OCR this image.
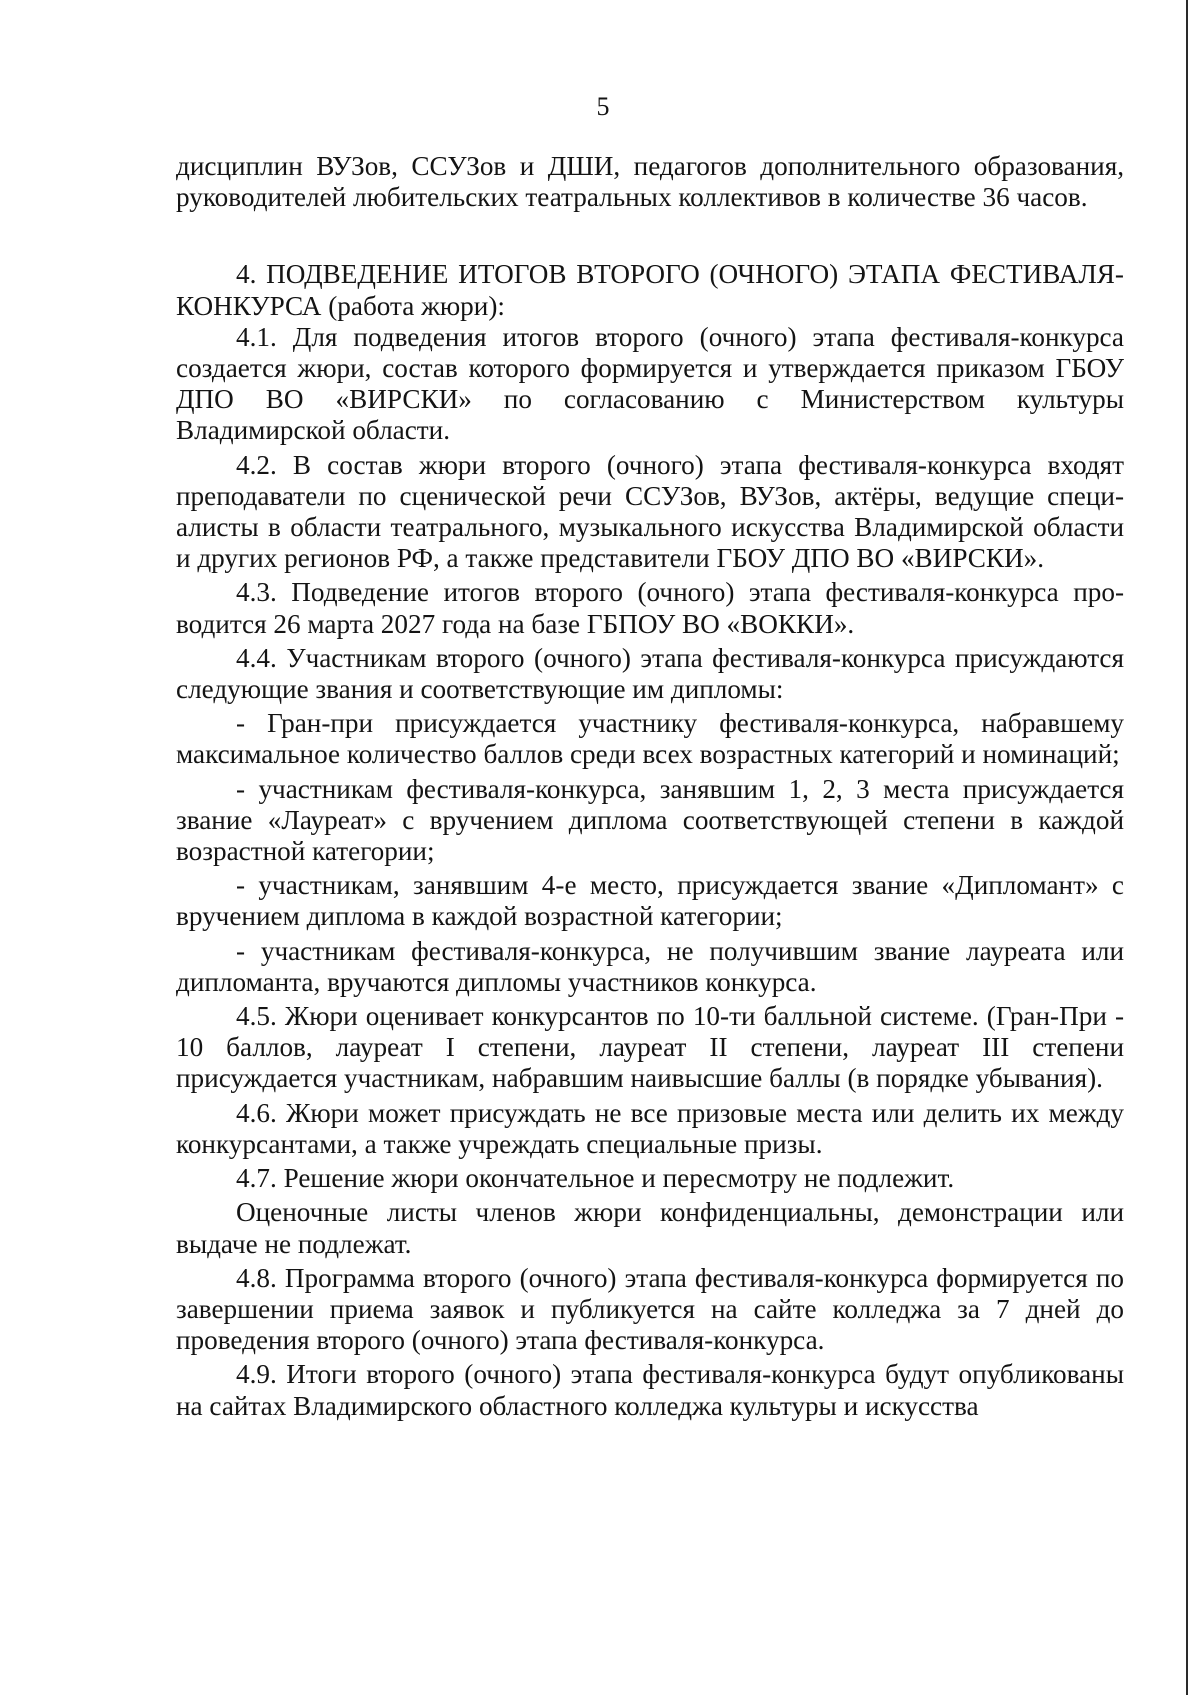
5

дисциплин ВУЗов, ССУЗов и ДШИ, педагогов дополнительного образования, руководителей любительских театральных коллективов в количестве 36 часов.

4. ПОДВЕДЕНИЕ ИТОГОВ ВТОРОГО (ОЧНОГО) ЭТАПА ФЕСТИВАЛЯ-КОНКУРСА (работа жюри):

4.1. Для подведения итогов второго (очного) этапа фестиваля-конкурса создается жюри, состав которого формируется и утверждается приказом ГБОУ ДПО ВО «ВИРСКИ» по согласованию с Министерством культуры Владимирской области.

4.2. В состав жюри второго (очного) этапа фестиваля-конкурса входят преподаватели по сценической речи ССУЗов, ВУЗов, актёры, ведущие специалисты в области театрального, музыкального искусства Владимирской области и других регионов РФ, а также представители ГБОУ ДПО ВО «ВИРСКИ».

4.3. Подведение итогов второго (очного) этапа фестиваля-конкурса проводится 26 марта 2027 года на базе ГБПОУ ВО «ВОККИ».

4.4. Участникам второго (очного) этапа фестиваля-конкурса присуждаются следующие звания и соответствующие им дипломы:

- Гран-при присуждается участнику фестиваля-конкурса, набравшему максимальное количество баллов среди всех возрастных категорий и номинаций;

- участникам фестиваля-конкурса, занявшим 1, 2, 3 места присуждается звание «Лауреат» с вручением диплома соответствующей степени в каждой возрастной категории;

- участникам, занявшим 4-е место, присуждается звание «Дипломант» с вручением диплома в каждой возрастной категории;

- участникам фестиваля-конкурса, не получившим звание лауреата или дипломанта, вручаются дипломы участников конкурса.

4.5. Жюри оценивает конкурсантов по 10-ти балльной системе. (Гран-При - 10 баллов, лауреат I степени, лауреат II степени, лауреат III степени присуждается участникам, набравшим наивысшие баллы (в порядке убывания).

4.6. Жюри может присуждать не все призовые места или делить их между конкурсантами, а также учреждать специальные призы.

4.7. Решение жюри окончательное и пересмотру не подлежит.

Оценочные листы членов жюри конфиденциальны, демонстрации или выдаче не подлежат.

4.8. Программа второго (очного) этапа фестиваля-конкурса формируется по завершении приема заявок и публикуется на сайте колледжа за 7 дней до проведения второго (очного) этапа фестиваля-конкурса.

4.9. Итоги второго (очного) этапа фестиваля-конкурса будут опубликованы на сайтах Владимирского областного колледжа культуры и искусства
